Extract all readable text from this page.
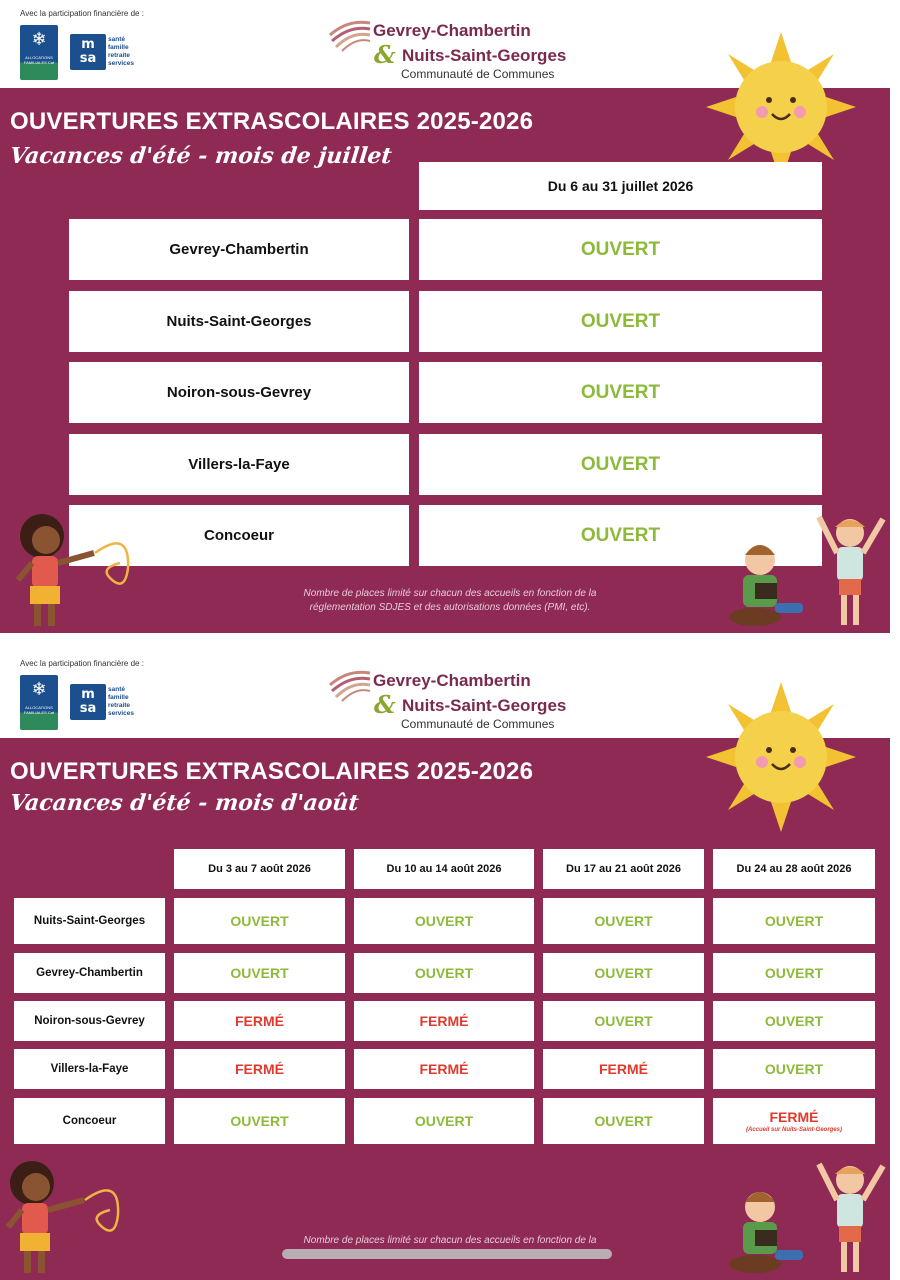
Avec la participation financière de :
❄
ALLOCATIONS FAMILIALES Caf
m
sa
santé
famille
retraite
services
Gevrey-Chambertin
& Nuits-Saint-Georges
Communauté de Communes
OUVERTURES EXTRASCOLAIRES 2025-2026
Vacances d'été - mois de juillet
Du 6 au 31 juillet 2026
Gevrey-Chambertin	OUVERT
Nuits-Saint-Georges	OUVERT
Noiron-sous-Gevrey	OUVERT
Villers-la-Faye	OUVERT
Concoeur	OUVERT
Nombre de places limité sur chacun des accueils en fonction de la
réglementation SDJES et des autorisations données (PMI, etc).
Avec la participation financière de :
❄
ALLOCATIONS FAMILIALES Caf
m
sa
santé
famille
retraite
services
Gevrey-Chambertin
& Nuits-Saint-Georges
Communauté de Communes
OUVERTURES EXTRASCOLAIRES 2025-2026
Vacances d'été - mois d'août
Du 3 au 7 août 2026	Du 10 au 14 août 2026	Du 17 au 21 août 2026	Du 24 au 28 août 2026
Nuits-Saint-Georges	OUVERT	OUVERT	OUVERT	OUVERT
Gevrey-Chambertin	OUVERT	OUVERT	OUVERT	OUVERT
Noiron-sous-Gevrey	FERMÉ	FERMÉ	OUVERT	OUVERT
Villers-la-Faye	FERMÉ	FERMÉ	FERMÉ	OUVERT
Concoeur	OUVERT	OUVERT	OUVERT	FERMÉ
(Accueil sur Nuits-Saint-Georges)
Nombre de places limité sur chacun des accueils en fonction de la
